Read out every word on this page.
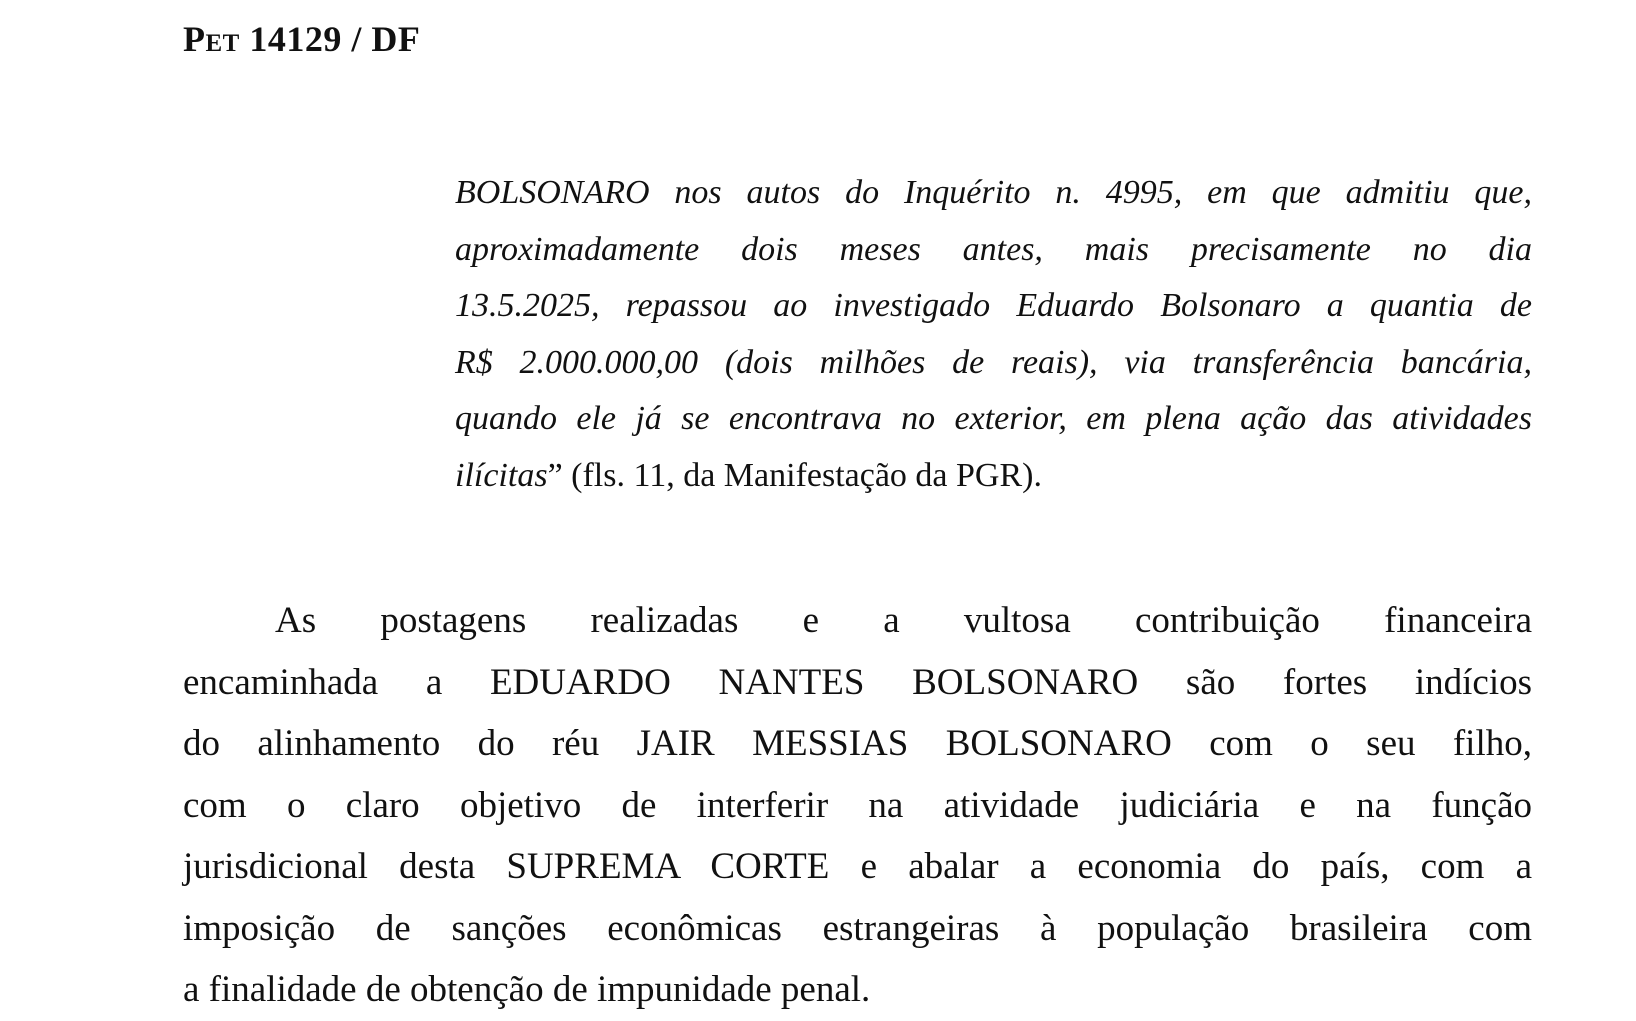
Pet 14129 / DF
BOLSONARO nos autos do Inquérito n. 4995, em que admitiu que,
aproximadamente dois meses antes, mais precisamente no dia
13.5.2025, repassou ao investigado Eduardo Bolsonaro a quantia de
R$ 2.000.000,00 (dois milhões de reais), via transferência bancária,
quando ele já se encontrava no exterior, em plena ação das atividades
ilícitas” (fls. 11, da Manifestação da PGR).
As postagens realizadas e a vultosa contribuição financeira
encaminhada a EDUARDO NANTES BOLSONARO são fortes indícios
do alinhamento do réu JAIR MESSIAS BOLSONARO com o seu filho,
com o claro objetivo de interferir na atividade judiciária e na função
jurisdicional desta SUPREMA CORTE e abalar a economia do país, com a
imposição de sanções econômicas estrangeiras à população brasileira com
a finalidade de obtenção de impunidade penal.
